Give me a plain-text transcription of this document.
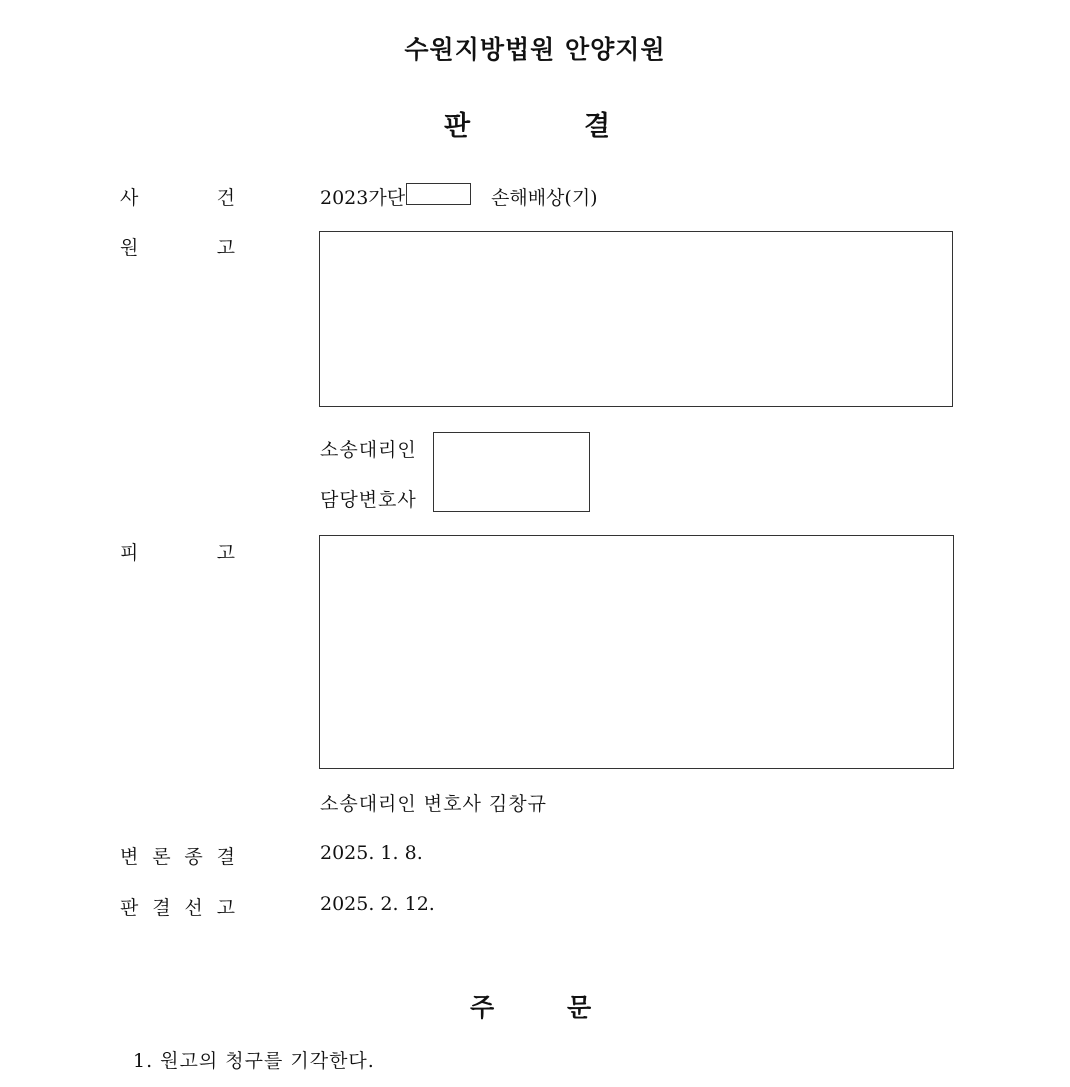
수원지방법원 안양지원
판	결
사	건	2023가단	손해배상(기)
원	고
소송대리인
담당변호사
피	고
소송대리인 변호사 김창규
변 론 종 결	2025. 1. 8.
판 결 선 고	2025. 2. 12.
주	문
1. 원고의 청구를 기각한다.
